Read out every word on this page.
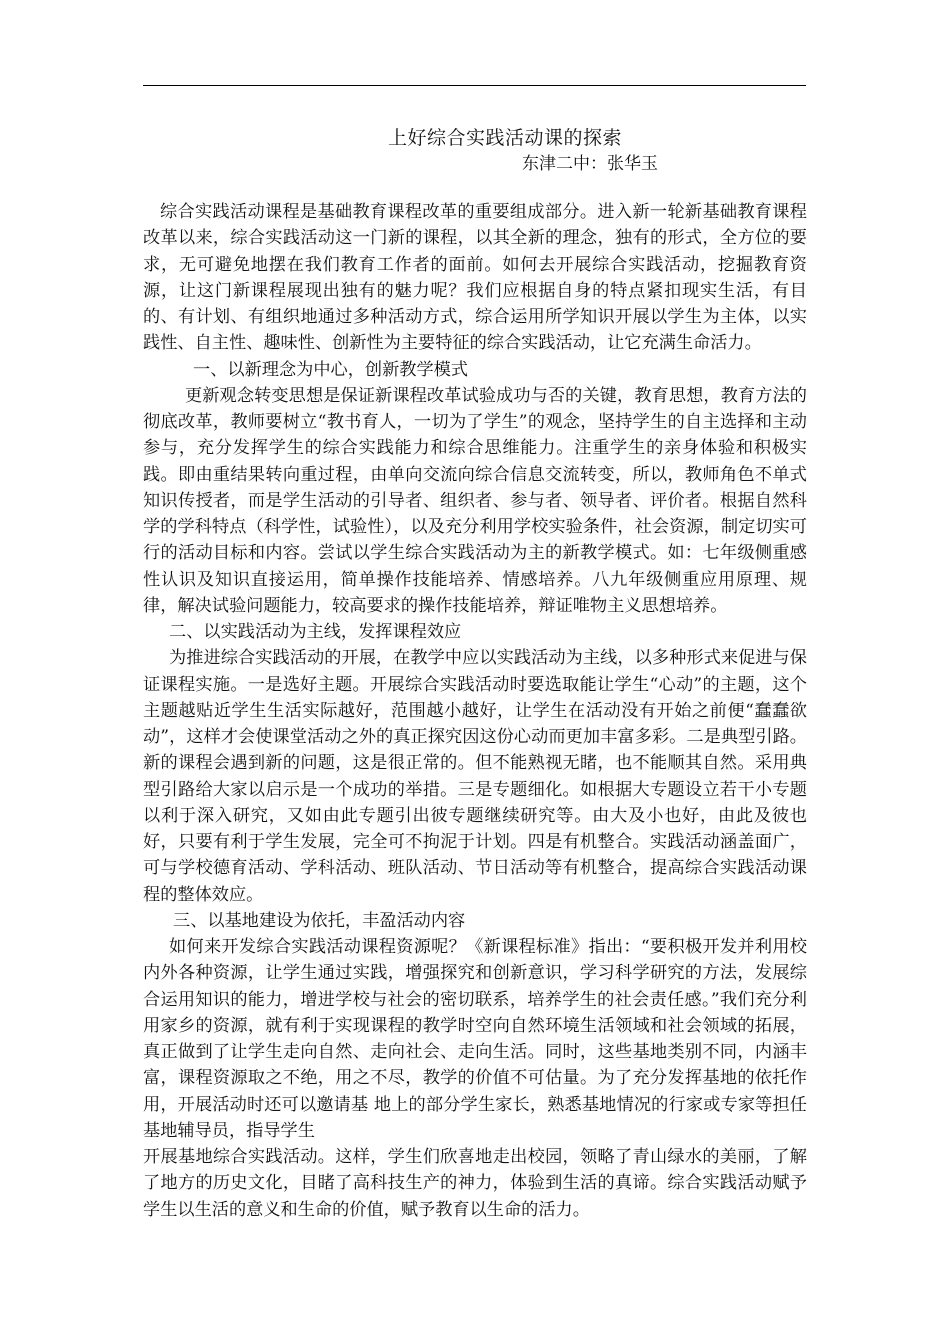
上好综合实践活动课的探索
东津二中：张华玉

综合实践活动课程是基础教育课程改革的重要组成部分。进入新一轮新基础教育课程改革以来，综合实践活动这一门新的课程，以其全新的理念，独有的形式，全方位的要求，无可避免地摆在我们教育工作者的面前。如何去开展综合实践活动，挖掘教育资源，让这门新课程展现出独有的魅力呢？我们应根据自身的特点紧扣现实生活，有目的、有计划、有组织地通过多种活动方式，综合运用所学知识开展以学生为主体，以实践性、自主性、趣味性、创新性为主要特征的综合实践活动，让它充满生命活力。

一、以新理念为中心，创新教学模式

更新观念转变思想是保证新课程改革试验成功与否的关键，教育思想，教育方法的彻底改革，教师要树立“教书育人，一切为了学生”的观念，坚持学生的自主选择和主动参与，充分发挥学生的综合实践能力和综合思维能力。注重学生的亲身体验和积极实践。即由重结果转向重过程，由单向交流向综合信息交流转变，所以，教师角色不单式知识传授者，而是学生活动的引导者、组织者、参与者、领导者、评价者。根据自然科学的学科特点（科学性，试验性），以及充分利用学校实验条件，社会资源，制定切实可行的活动目标和内容。尝试以学生综合实践活动为主的新教学模式。如：七年级侧重感性认识及知识直接运用，简单操作技能培养、情感培养。八九年级侧重应用原理、规律，解决试验问题能力，较高要求的操作技能培养，辩证唯物主义思想培养。

二、以实践活动为主线，发挥课程效应

为推进综合实践活动的开展，在教学中应以实践活动为主线，以多种形式来促进与保证课程实施。一是选好主题。开展综合实践活动时要选取能让学生“心动”的主题，这个主题越贴近学生生活实际越好，范围越小越好，让学生在活动没有开始之前便“蠢蠢欲动”，这样才会使课堂活动之外的真正探究因这份心动而更加丰富多彩。二是典型引路。新的课程会遇到新的问题，这是很正常的。但不能熟视无睹，也不能顺其自然。采用典型引路给大家以启示是一个成功的举措。三是专题细化。如根据大专题设立若干小专题以利于深入研究，又如由此专题引出彼专题继续研究等。由大及小也好，由此及彼也好，只要有利于学生发展，完全可不拘泥于计划。四是有机整合。实践活动涵盖面广，可与学校德育活动、学科活动、班队活动、节日活动等有机整合，提高综合实践活动课程的整体效应。

三、以基地建设为依托，丰盈活动内容

如何来开发综合实践活动课程资源呢？《新课程标准》指出：“要积极开发并利用校内外各种资源，让学生通过实践，增强探究和创新意识，学习科学研究的方法，发展综合运用知识的能力，增进学校与社会的密切联系，培养学生的社会责任感。”我们充分利用家乡的资源，就有利于实现课程的教学时空向自然环境生活领域和社会领域的拓展，真正做到了让学生走向自然、走向社会、走向生活。同时，这些基地类别不同，内涵丰富，课程资源取之不绝，用之不尽，教学的价值不可估量。为了充分发挥基地的依托作用，开展活动时还可以邀请基 地上的部分学生家长，熟悉基地情况的行家或专家等担任基地辅导员，指导学生

开展基地综合实践活动。这样，学生们欣喜地走出校园，领略了青山绿水的美丽，了解了地方的历史文化，目睹了高科技生产的神力，体验到生活的真谛。综合实践活动赋予学生以生活的意义和生命的价值，赋予教育以生命的活力。
